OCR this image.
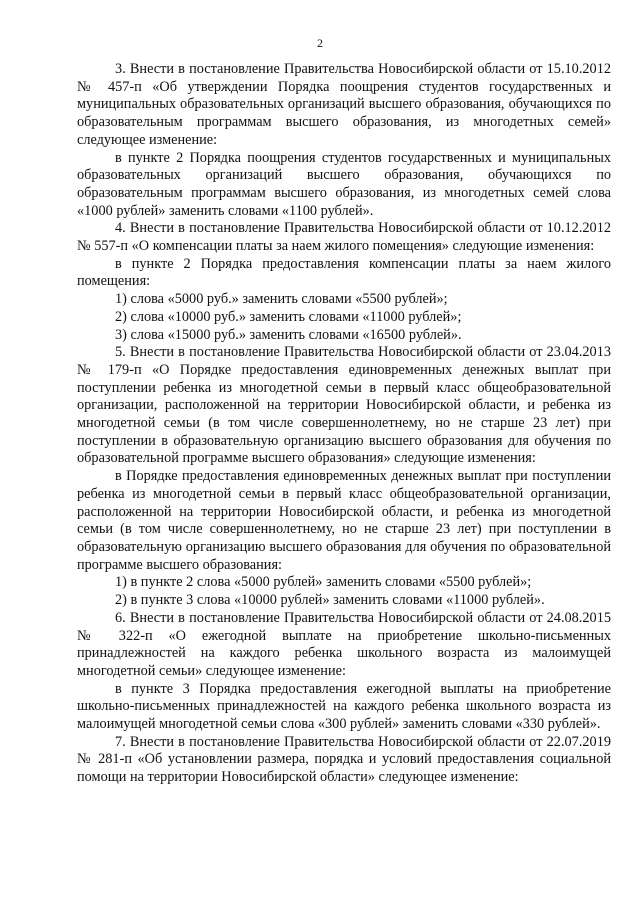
2

3. Внести в постановление Правительства Новосибирской области от 15.10.2012 № 457-п «Об утверждении Порядка поощрения студентов государственных и муниципальных образовательных организаций высшего образования, обучающихся по образовательным программам высшего образования, из многодетных семей» следующее изменение:

в пункте 2 Порядка поощрения студентов государственных и муниципальных образовательных организаций высшего образования, обучающихся по образовательным программам высшего образования, из многодетных семей слова «1000 рублей» заменить словами «1100 рублей».

4. Внести в постановление Правительства Новосибирской области от 10.12.2012 № 557-п «О компенсации платы за наем жилого помещения» следующие изменения:

в пункте 2 Порядка предоставления компенсации платы за наем жилого помещения:

1) слова «5000 руб.» заменить словами «5500 рублей»;

2) слова «10000 руб.» заменить словами «11000 рублей»;

3) слова «15000 руб.» заменить словами «16500 рублей».

5. Внести в постановление Правительства Новосибирской области от 23.04.2013 № 179-п «О Порядке предоставления единовременных денежных выплат при поступлении ребенка из многодетной семьи в первый класс общеобразовательной организации, расположенной на территории Новосибирской области, и ребенка из многодетной семьи (в том числе совершеннолетнему, но не старше 23 лет) при поступлении в образовательную организацию высшего образования для обучения по образовательной программе высшего образования» следующие изменения:

в Порядке предоставления единовременных денежных выплат при поступлении ребенка из многодетной семьи в первый класс общеобразовательной организации, расположенной на территории Новосибирской области, и ребенка из многодетной семьи (в том числе совершеннолетнему, но не старше 23 лет) при поступлении в образовательную организацию высшего образования для обучения по образовательной программе высшего образования:

1) в пункте 2 слова «5000 рублей» заменить словами «5500 рублей»;

2) в пункте 3 слова «10000 рублей» заменить словами «11000 рублей».

6. Внести в постановление Правительства Новосибирской области от 24.08.2015 № 322-п «О ежегодной выплате на приобретение школьно-письменных принадлежностей на каждого ребенка школьного возраста из малоимущей многодетной семьи» следующее изменение:

в пункте 3 Порядка предоставления ежегодной выплаты на приобретение школьно-письменных принадлежностей на каждого ребенка школьного возраста из малоимущей многодетной семьи слова «300 рублей» заменить словами «330 рублей».

7. Внести в постановление Правительства Новосибирской области от 22.07.2019 № 281-п «Об установлении размера, порядка и условий предоставления социальной помощи на территории Новосибирской области» следующее изменение:
